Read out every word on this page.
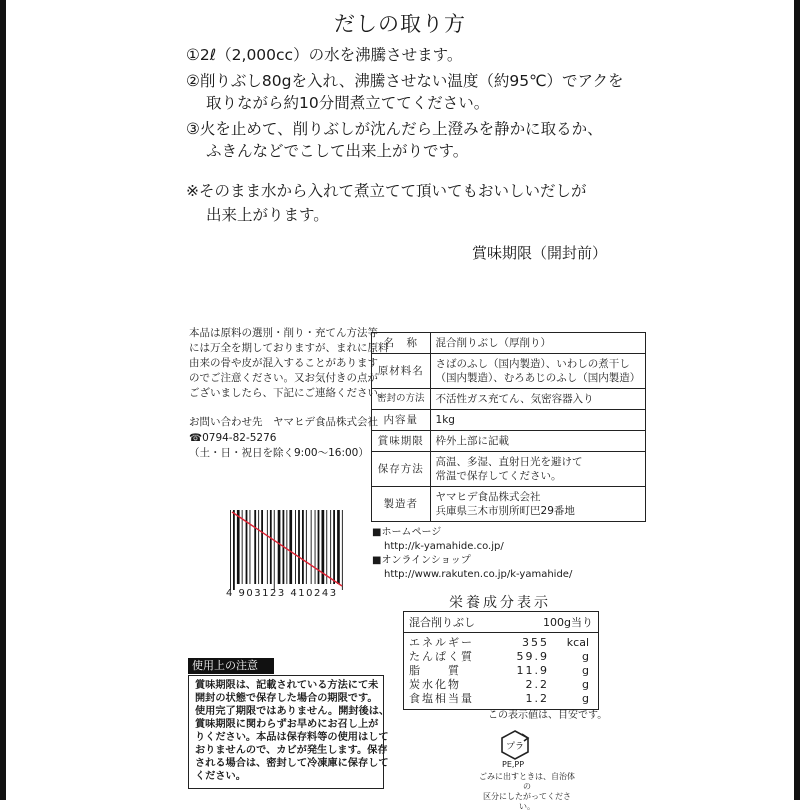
だしの取り方
①2ℓ（2,000cc）の水を沸騰させます。
②削りぶし80gを入れ、沸騰させない温度（約95℃）でアクを
取りながら約10分間煮立ててください。
③火を止めて、削りぶしが沈んだら上澄みを静かに取るか、
ふきんなどでこして出来上がりです。
※そのまま水から入れて煮立てて頂いてもおいしいだしが
出来上がります。
賞味期限（開封前）
本品は原料の選別・削り・充てん方法等
には万全を期しておりますが、まれに原料
由来の骨や皮が混入することがあります
のでご注意ください。又お気付きの点が
ございましたら、下記にご連絡ください。
お問い合わせ先　ヤマヒデ食品株式会社
☎0794-82-5276
（土・日・祝日を除く9:00〜16:00）
名　称	混合削りぶし（厚削り）

原材料名	さばのふし（国内製造）、いわしの煮干し
（国内製造）、むろあじのふし（国内製造）

密封の方法	不活性ガス充てん、気密容器入り

内容量	1kg

賞味期限	枠外上部に記載

保存方法	高温、多湿、直射日光を避けて
常温で保存してください。

製造者	ヤマヒデ食品株式会社
兵庫県三木市別所町巴29番地
4 903123 410243
■ホームページ
http://k-yamahide.co.jp/
■オンラインショップ
http://www.rakuten.co.jp/k-yamahide/
栄養成分表示
混合削りぶし	100g当り
エネルギー	355	kcal
たんぱく質	59.9	g
脂　　質	11.9	g
炭水化物	2.2	g
食塩相当量	1.2	g
この表示値は、目安です。
使用上の注意
賞味期限は、記載されている方法にて未
開封の状態で保存した場合の期限です。
使用完了期限ではありません。開封後は、
賞味期限に関わらずお早めにお召し上が
りください。本品は保存料等の使用はして
おりませんので、カビが発生します。保存
される場合は、密封して冷凍庫に保存して
ください。
プラ
PE,PP
ごみに出すときは、自治体の
区分にしたがってください。
